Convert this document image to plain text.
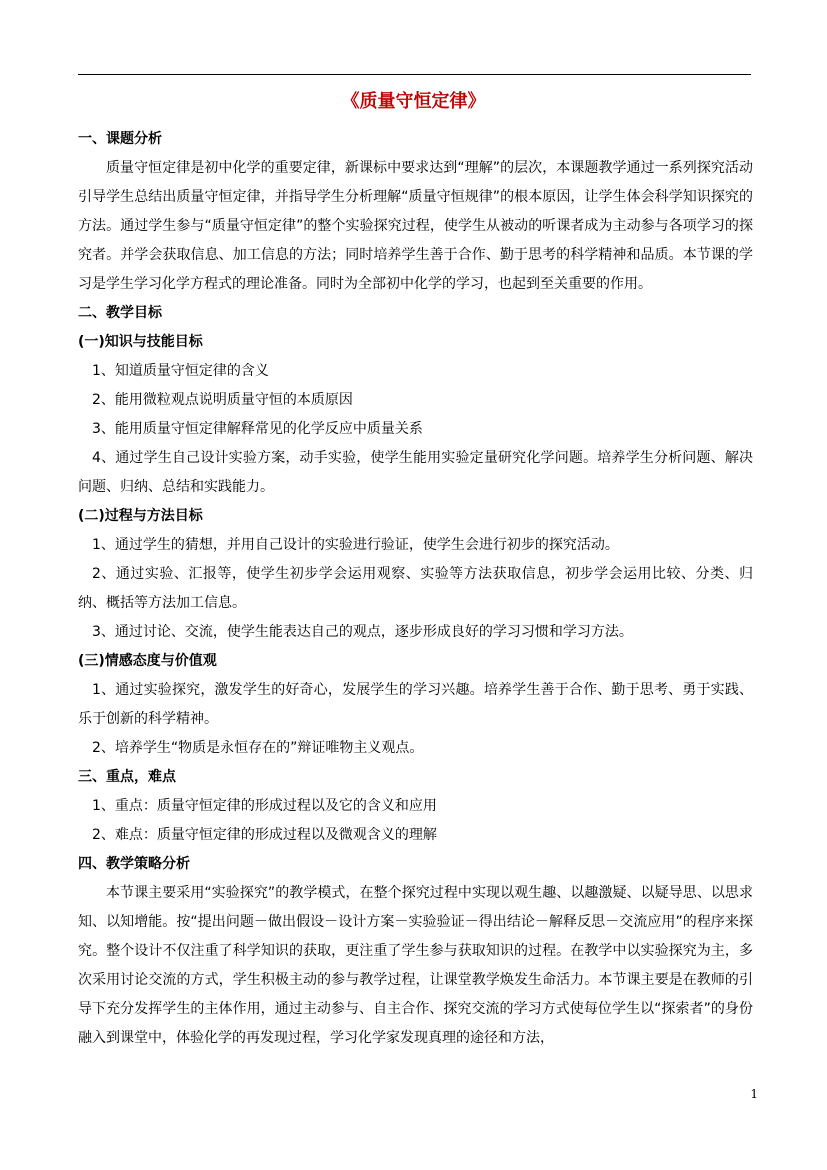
《质量守恒定律》

一、课题分析

质量守恒定律是初中化学的重要定律，新课标中要求达到“理解”的层次，本课题教学通过一系列探究活动引导学生总结出质量守恒定律，并指导学生分析理解“质量守恒规律”的根本原因，让学生体会科学知识探究的方法。通过学生参与“质量守恒定律”的整个实验探究过程，使学生从被动的听课者成为主动参与各项学习的探究者。并学会获取信息、加工信息的方法；同时培养学生善于合作、勤于思考的科学精神和品质。本节课的学习是学生学习化学方程式的理论准备。同时为全部初中化学的学习，也起到至关重要的作用。

二、教学目标

(一)知识与技能目标

1、知道质量守恒定律的含义

2、能用微粒观点说明质量守恒的本质原因

3、能用质量守恒定律解释常见的化学反应中质量关系

4、通过学生自己设计实验方案，动手实验，使学生能用实验定量研究化学问题。培养学生分析问题、解决问题、归纳、总结和实践能力。

(二)过程与方法目标

1、通过学生的猜想，并用自己设计的实验进行验证，使学生会进行初步的探究活动。

2、通过实验、汇报等，使学生初步学会运用观察、实验等方法获取信息，初步学会运用比较、分类、归纳、概括等方法加工信息。

3、通过讨论、交流，使学生能表达自己的观点，逐步形成良好的学习习惯和学习方法。

(三)情感态度与价值观

1、通过实验探究，激发学生的好奇心，发展学生的学习兴趣。培养学生善于合作、勤于思考、勇于实践、乐于创新的科学精神。

2、培养学生“物质是永恒存在的”辩证唯物主义观点。

三、重点，难点

1、重点：质量守恒定律的形成过程以及它的含义和应用

2、难点：质量守恒定律的形成过程以及微观含义的理解

四、教学策略分析

本节课主要采用“实验探究”的教学模式，在整个探究过程中实现以观生趣、以趣激疑、以疑导思、以思求知、以知增能。按“提出问题－做出假设－设计方案－实验验证－得出结论－解释反思－交流应用”的程序来探究。整个设计不仅注重了科学知识的获取，更注重了学生参与获取知识的过程。在教学中以实验探究为主，多次采用讨论交流的方式，学生积极主动的参与教学过程，让课堂教学焕发生命活力。本节课主要是在教师的引导下充分发挥学生的主体作用，通过主动参与、自主合作、探究交流的学习方式使每位学生以“探索者”的身份融入到课堂中，体验化学的再发现过程，学习化学家发现真理的途径和方法，

1
